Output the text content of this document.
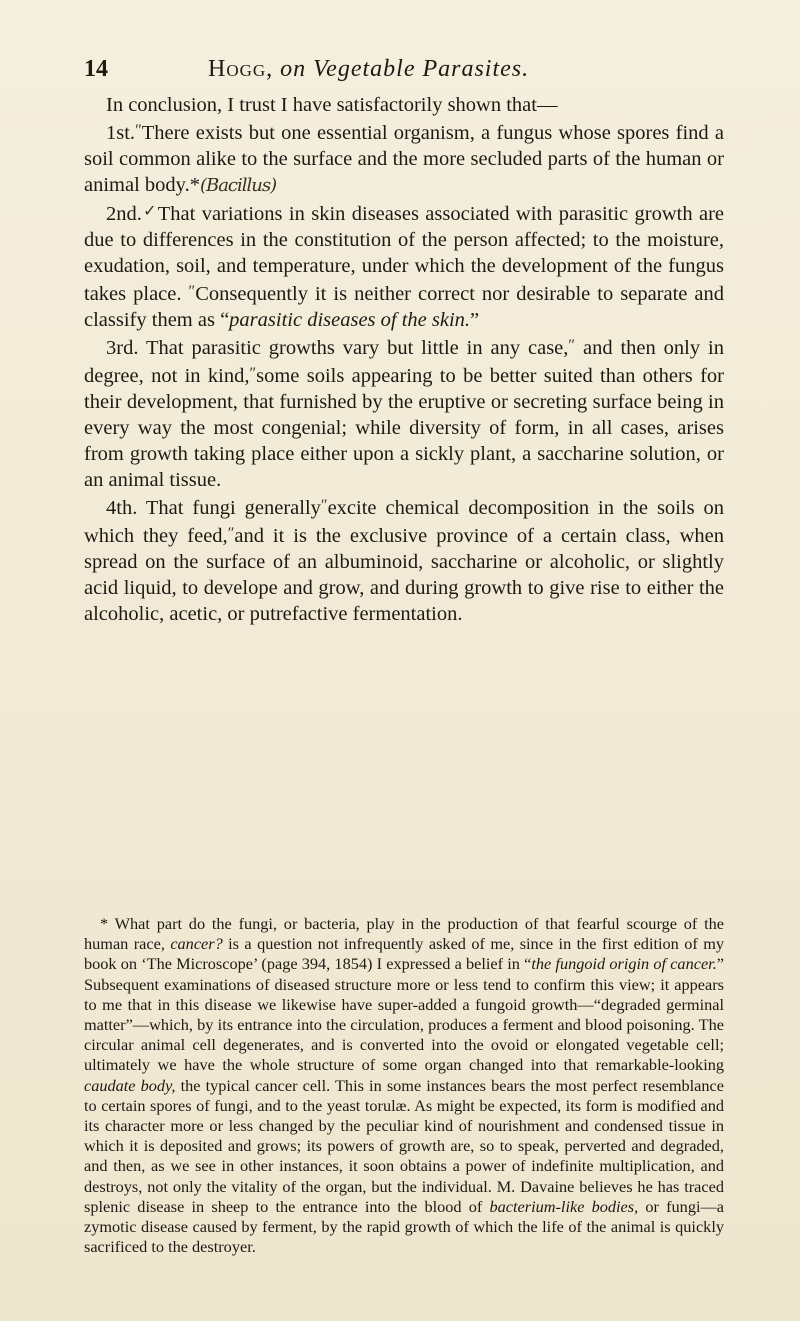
14	Hogg, on Vegetable Parasites.

In conclusion, I trust I have satisfactorily shown that—

1st.″There exists but one essential organism, a fungus whose spores find a soil common alike to the surface and the more secluded parts of the human or animal body.*(Bacillus)

2nd.✓That variations in skin diseases associated with parasitic growth are due to differences in the constitution of the person affected; to the moisture, exudation, soil, and temperature, under which the development of the fungus takes place. ″Consequently it is neither correct nor desirable to separate and classify them as “parasitic diseases of the skin.”

3rd. That parasitic growths vary but little in any case,″ and then only in degree, not in kind,″some soils appearing to be better suited than others for their development, that furnished by the eruptive or secreting surface being in every way the most congenial; while diversity of form, in all cases, arises from growth taking place either upon a sickly plant, a saccharine solution, or an animal tissue.

4th. That fungi generally″excite chemical decomposition in the soils on which they feed,″and it is the exclusive province of a certain class, when spread on the surface of an albuminoid, saccharine or alcoholic, or slightly acid liquid, to develope and grow, and during growth to give rise to either the alcoholic, acetic, or putrefactive fermentation.

* What part do the fungi, or bacteria, play in the production of that fearful scourge of the human race, cancer? is a question not infrequently asked of me, since in the first edition of my book on ‘The Microscope’ (page 394, 1854) I expressed a belief in “the fungoid origin of cancer.” Subsequent examinations of diseased structure more or less tend to confirm this view; it appears to me that in this disease we likewise have super-added a fungoid growth—“degraded germinal matter”—which, by its entrance into the circulation, produces a ferment and blood poisoning. The circular animal cell degenerates, and is converted into the ovoid or elongated vegetable cell; ultimately we have the whole structure of some organ changed into that remarkable-looking caudate body, the typical cancer cell. This in some instances bears the most perfect resemblance to certain spores of fungi, and to the yeast torulæ. As might be expected, its form is modified and its character more or less changed by the peculiar kind of nourishment and condensed tissue in which it is deposited and grows; its powers of growth are, so to speak, perverted and degraded, and then, as we see in other instances, it soon obtains a power of indefinite multiplication, and destroys, not only the vitality of the organ, but the individual. M. Davaine believes he has traced splenic disease in sheep to the entrance into the blood of bacterium-like bodies, or fungi—a zymotic disease caused by ferment, by the rapid growth of which the life of the animal is quickly sacrificed to the destroyer.
